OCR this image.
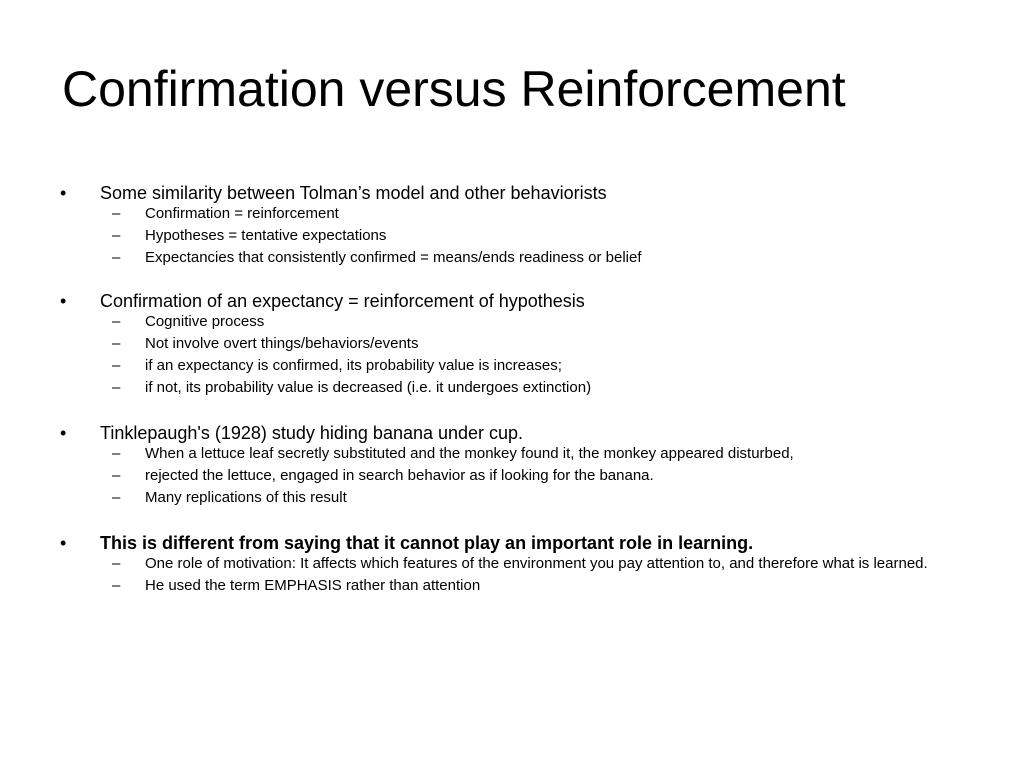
Confirmation versus Reinforcement
•	Some similarity between Tolman’s model and other behaviorists
–	Confirmation = reinforcement
–	Hypotheses = tentative expectations
–	Expectancies that consistently confirmed = means/ends readiness or belief
•	Confirmation of an expectancy = reinforcement of hypothesis
–	Cognitive process
–	Not involve overt things/behaviors/events
–	if an expectancy is confirmed, its probability value is increases;
–	if not, its probability value is decreased (i.e. it undergoes extinction)
•	Tinklepaugh's (1928) study hiding banana under cup.
–	When a lettuce leaf secretly substituted and the monkey found it, the monkey appeared disturbed,
–	rejected the lettuce, engaged in search behavior as if looking for the banana.
–	Many replications of this result
•	This is different from saying that it cannot play an important role in learning.
–	One role of motivation: It affects which features of the environment you pay attention to, and therefore what is learned.
–	He used the term EMPHASIS rather than attention
